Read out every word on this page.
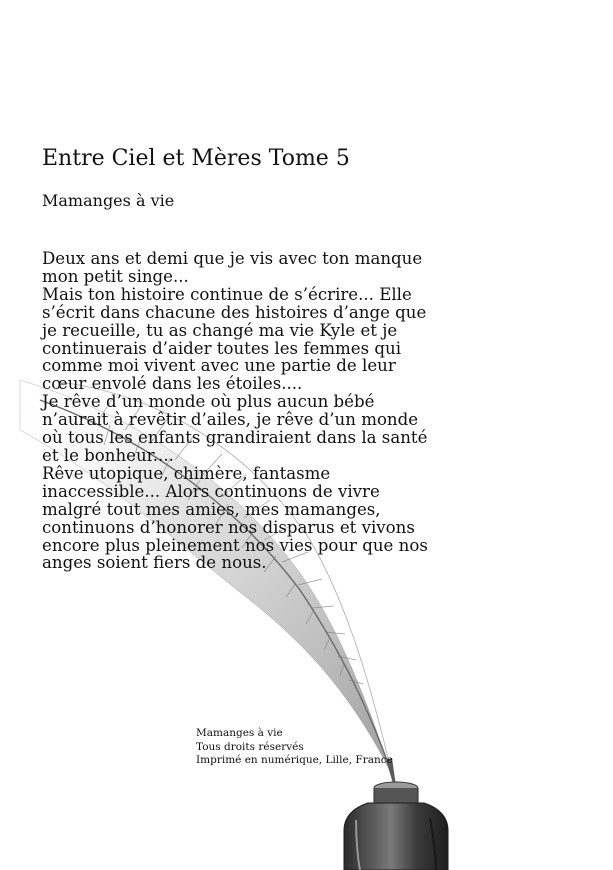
Entre Ciel et Mères Tome 5
Mamanges à vie
Deux ans et demi que je vis avec ton manque
mon petit singe...
Mais ton histoire continue de s’écrire... Elle
s’écrit dans chacune des histoires d’ange que
je recueille, tu as changé ma vie Kyle et je
continuerais d’aider toutes les femmes qui
comme moi vivent avec une partie de leur
cœur envolé dans les étoiles....
Je rêve d’un monde où plus aucun bébé
n’aurait à revêtir d’ailes, je rêve d’un monde
où tous les enfants grandiraient dans la santé
et le bonheur....
Rêve utopique, chimère, fantasme
inaccessible... Alors continuons de vivre
malgré tout mes amies, mes mamanges,
continuons d’honorer nos disparus et vivons
encore plus pleinement nos vies pour que nos
anges soient fiers de nous.
Mamanges à vie
Tous droits réservés
Imprimé en numérique, Lille, France
